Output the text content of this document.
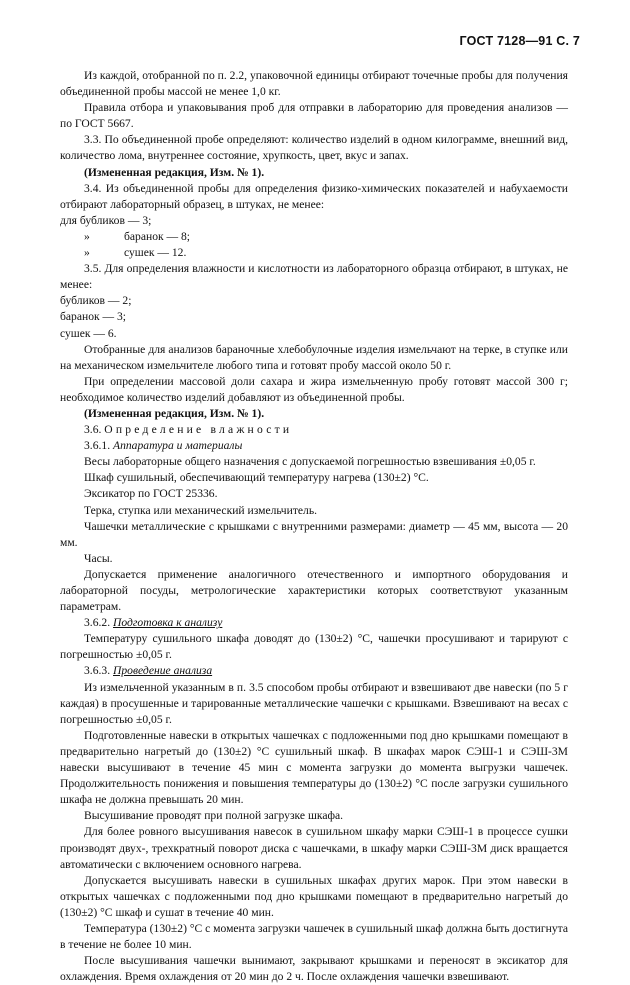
ГОСТ 7128—91 С. 7

Из каждой, отобранной по п. 2.2, упаковочной единицы отбирают точечные пробы для получения объединенной пробы массой не менее 1,0 кг.

Правила отбора и упаковывания проб для отправки в лабораторию для проведения анализов — по ГОСТ 5667.

3.3. По объединенной пробе определяют: количество изделий в одном килограмме, внешний вид, количество лома, внутреннее состояние, хрупкость, цвет, вкус и запах.

(Измененная редакция, Изм. № 1).

3.4. Из объединенной пробы для определения физико-химических показателей и набухаемости отбирают лабораторный образец, в штуках, не менее:

для бубликов — 3;

»	баранок — 8;

»	сушек — 12.

3.5. Для определения влажности и кислотности из лабораторного образца отбирают, в штуках, не менее:

бубликов — 2;

баранок — 3;

сушек — 6.

Отобранные для анализов бараночные хлебобулочные изделия измельчают на терке, в ступке или на механическом измельчителе любого типа и готовят пробу массой около 50 г.

При определении массовой доли сахара и жира измельченную пробу готовят массой 300 г; необходимое количество изделий добавляют из объединенной пробы.

(Измененная редакция, Изм. № 1).

3.6. Определение влажности

3.6.1. Аппаратура и материалы

Весы лабораторные общего назначения с допускаемой погрешностью взвешивания ±0,05 г.

Шкаф сушильный, обеспечивающий температуру нагрева (130±2) °С.

Эксикатор по ГОСТ 25336.

Терка, ступка или механический измельчитель.

Чашечки металлические с крышками с внутренними размерами: диаметр — 45 мм, высота — 20 мм.

Часы.

Допускается применение аналогичного отечественного и импортного оборудования и лабораторной посуды, метрологические характеристики которых соответствуют указанным параметрам.

3.6.2. Подготовка к анализу

Температуру сушильного шкафа доводят до (130±2) °С, чашечки просушивают и тарируют с погрешностью ±0,05 г.

3.6.3. Проведение анализа

Из измельченной указанным в п. 3.5 способом пробы отбирают и взвешивают две навески (по 5 г каждая) в просушенные и тарированные металлические чашечки с крышками. Взвешивают на весах с погрешностью ±0,05 г.

Подготовленные навески в открытых чашечках с подложенными под дно крышками помещают в предварительно нагретый до (130±2) °С сушильный шкаф. В шкафах марок СЭШ-1 и СЭШ-3М навески высушивают в течение 45 мин с момента загрузки до момента выгрузки чашечек. Продолжительность понижения и повышения температуры до (130±2) °С после загрузки сушильного шкафа не должна превышать 20 мин.

Высушивание проводят при полной загрузке шкафа.

Для более ровного высушивания навесок в сушильном шкафу марки СЭШ-1 в процессе сушки производят двух-, трехкратный поворот диска с чашечками, в шкафу марки СЭШ-3М диск вращается автоматически с включением основного нагрева.

Допускается высушивать навески в сушильных шкафах других марок. При этом навески в открытых чашечках с подложенными под дно крышками помещают в предварительно нагретый до (130±2) °С шкаф и сушат в течение 40 мин.

Температура (130±2) °С с момента загрузки чашечек в сушильный шкаф должна быть достигнута в течение не более 10 мин.

После высушивания чашечки вынимают, закрывают крышками и переносят в эксикатор для охлаждения. Время охлаждения от 20 мин до 2 ч. После охлаждения чашечки взвешивают.
